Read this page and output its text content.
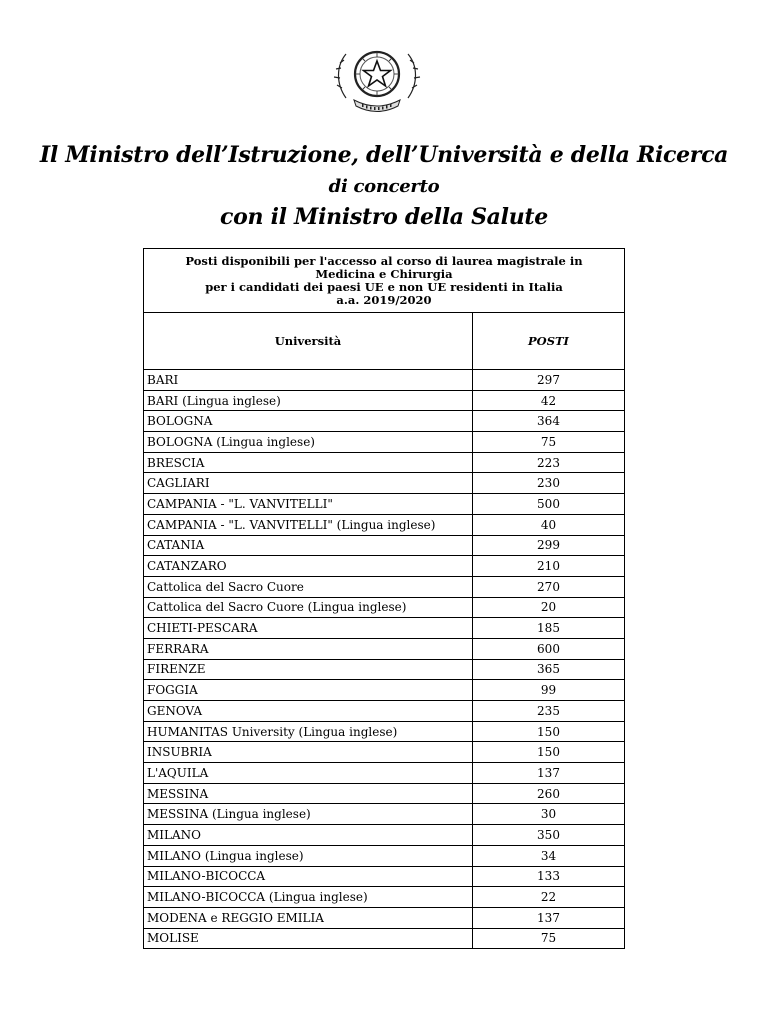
Il Ministro dell’Istruzione, dell’Università e della Ricerca
di concerto
con il Ministro della Salute
Posti disponibili per l'accesso al corso di laurea magistrale in
Medicina e Chirurgia
per i candidati dei paesi UE e non UE residenti in Italia
a.a. 2019/2020	

Università	POSTI
BARI	297
BARI (Lingua inglese)	42
BOLOGNA	364
BOLOGNA (Lingua inglese)	75
BRESCIA	223
CAGLIARI	230
CAMPANIA - "L. VANVITELLI"	500
CAMPANIA - "L. VANVITELLI" (Lingua inglese)	40
CATANIA	299
CATANZARO	210
Cattolica del Sacro Cuore	270
Cattolica del Sacro Cuore (Lingua inglese)	20
CHIETI-PESCARA	185
FERRARA	600
FIRENZE	365
FOGGIA	99
GENOVA	235
HUMANITAS University (Lingua inglese)	150
INSUBRIA	150
L'AQUILA	137
MESSINA	260
MESSINA (Lingua inglese)	30
MILANO	350
MILANO (Lingua inglese)	34
MILANO-BICOCCA	133
MILANO-BICOCCA (Lingua inglese)	22
MODENA e REGGIO EMILIA	137
MOLISE	75
